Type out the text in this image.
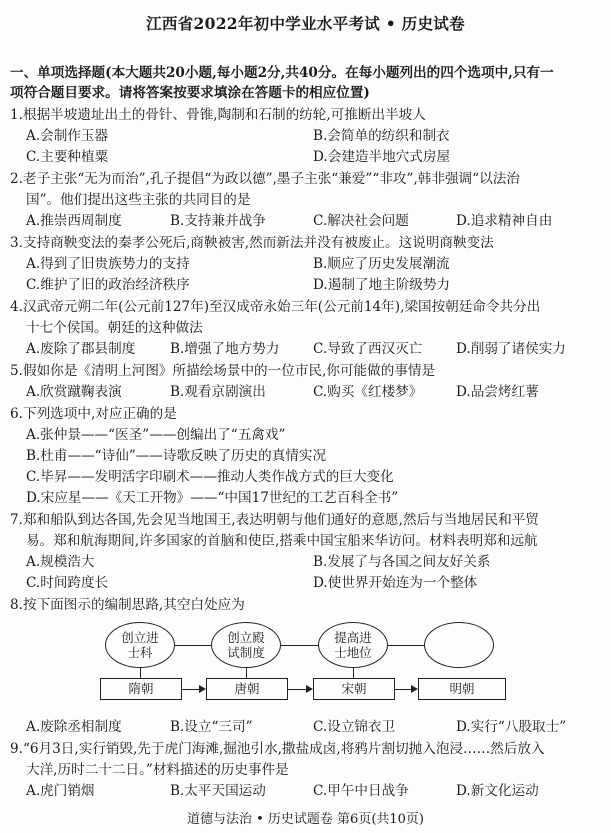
江西省2022年初中学业水平考试 • 历史试卷
一、单项选择题(本大题共20小题,每小题2分,共40分。在每小题列出的四个选项中,只有一
项符合题目要求。请将答案按要求填涂在答题卡的相应位置)
1.根据半坡遗址出土的骨针、骨锥,陶制和石制的纺轮,可推断出半坡人
A.会制作玉器	B.会简单的纺织和制衣
C.主要种植粟	D.会建造半地穴式房屋
2.老子主张“无为而治”,孔子提倡“为政以德”,墨子主张“兼爱”“非攻”,韩非强调“以法治
国”。他们提出这些主张的共同目的是
A.推崇西周制度	B.支持兼并战争	C.解决社会问题	D.追求精神自由
3.支持商鞅变法的秦孝公死后,商鞅被害,然而新法并没有被废止。这说明商鞅变法
A.得到了旧贵族势力的支持	B.顺应了历史发展潮流
C.维护了旧的政治经济秩序	D.遏制了地主阶级势力
4.汉武帝元朔二年(公元前127年)至汉成帝永始三年(公元前14年),梁国按朝廷命令共分出
十七个侯国。朝廷的这种做法
A.废除了郡县制度	B.增强了地方势力 C.导致了西汉灭亡 D.削弱了诸侯实力
5.假如你是《清明上河图》所描绘场景中的一位市民,你可能做的事情是
A.欣赏蹴鞠表演	B.观看京剧演出	C.购买《红楼梦》 D.品尝烤红薯
6.下列选项中,对应正确的是
A.张仲景——“医圣”——创编出了“五禽戏”
B.杜甫——“诗仙”——诗歌反映了历史的真情实况
C.毕昇——发明活字印刷术——推动人类作战方式的巨大变化
D.宋应星——《天工开物》——“中国17世纪的工艺百科全书”
7.郑和船队到达各国,先会见当地国王,表达明朝与他们通好的意愿,然后与当地居民和平贸
易。郑和航海期间,许多国家的首脑和使臣,搭乘中国宝船来华访问。材料表明郑和远航
A.规模浩大	B.发展了与各国之间友好关系
C.时间跨度长	D.使世界开始连为一个整体
8.按下面图示的编制思路,其空白处应为
创立进
士科
创立殿
试制度
提高进
士地位
隋朝	唐朝	宋朝	明朝
A.废除丞相制度	B.设立“三司”	C.设立锦衣卫	D.实行“八股取士”
9.“6月3日,实行销毁,先于虎门海滩,掘池引水,撒盐成卤,将鸦片割切抛入泡浸……然后放入
大洋,历时二十二日。”材料描述的历史事件是
A.虎门销烟	B.太平天国运动	C.甲午中日战争	D.新文化运动
道德与法治 • 历史试题卷 第6页(共10页)
